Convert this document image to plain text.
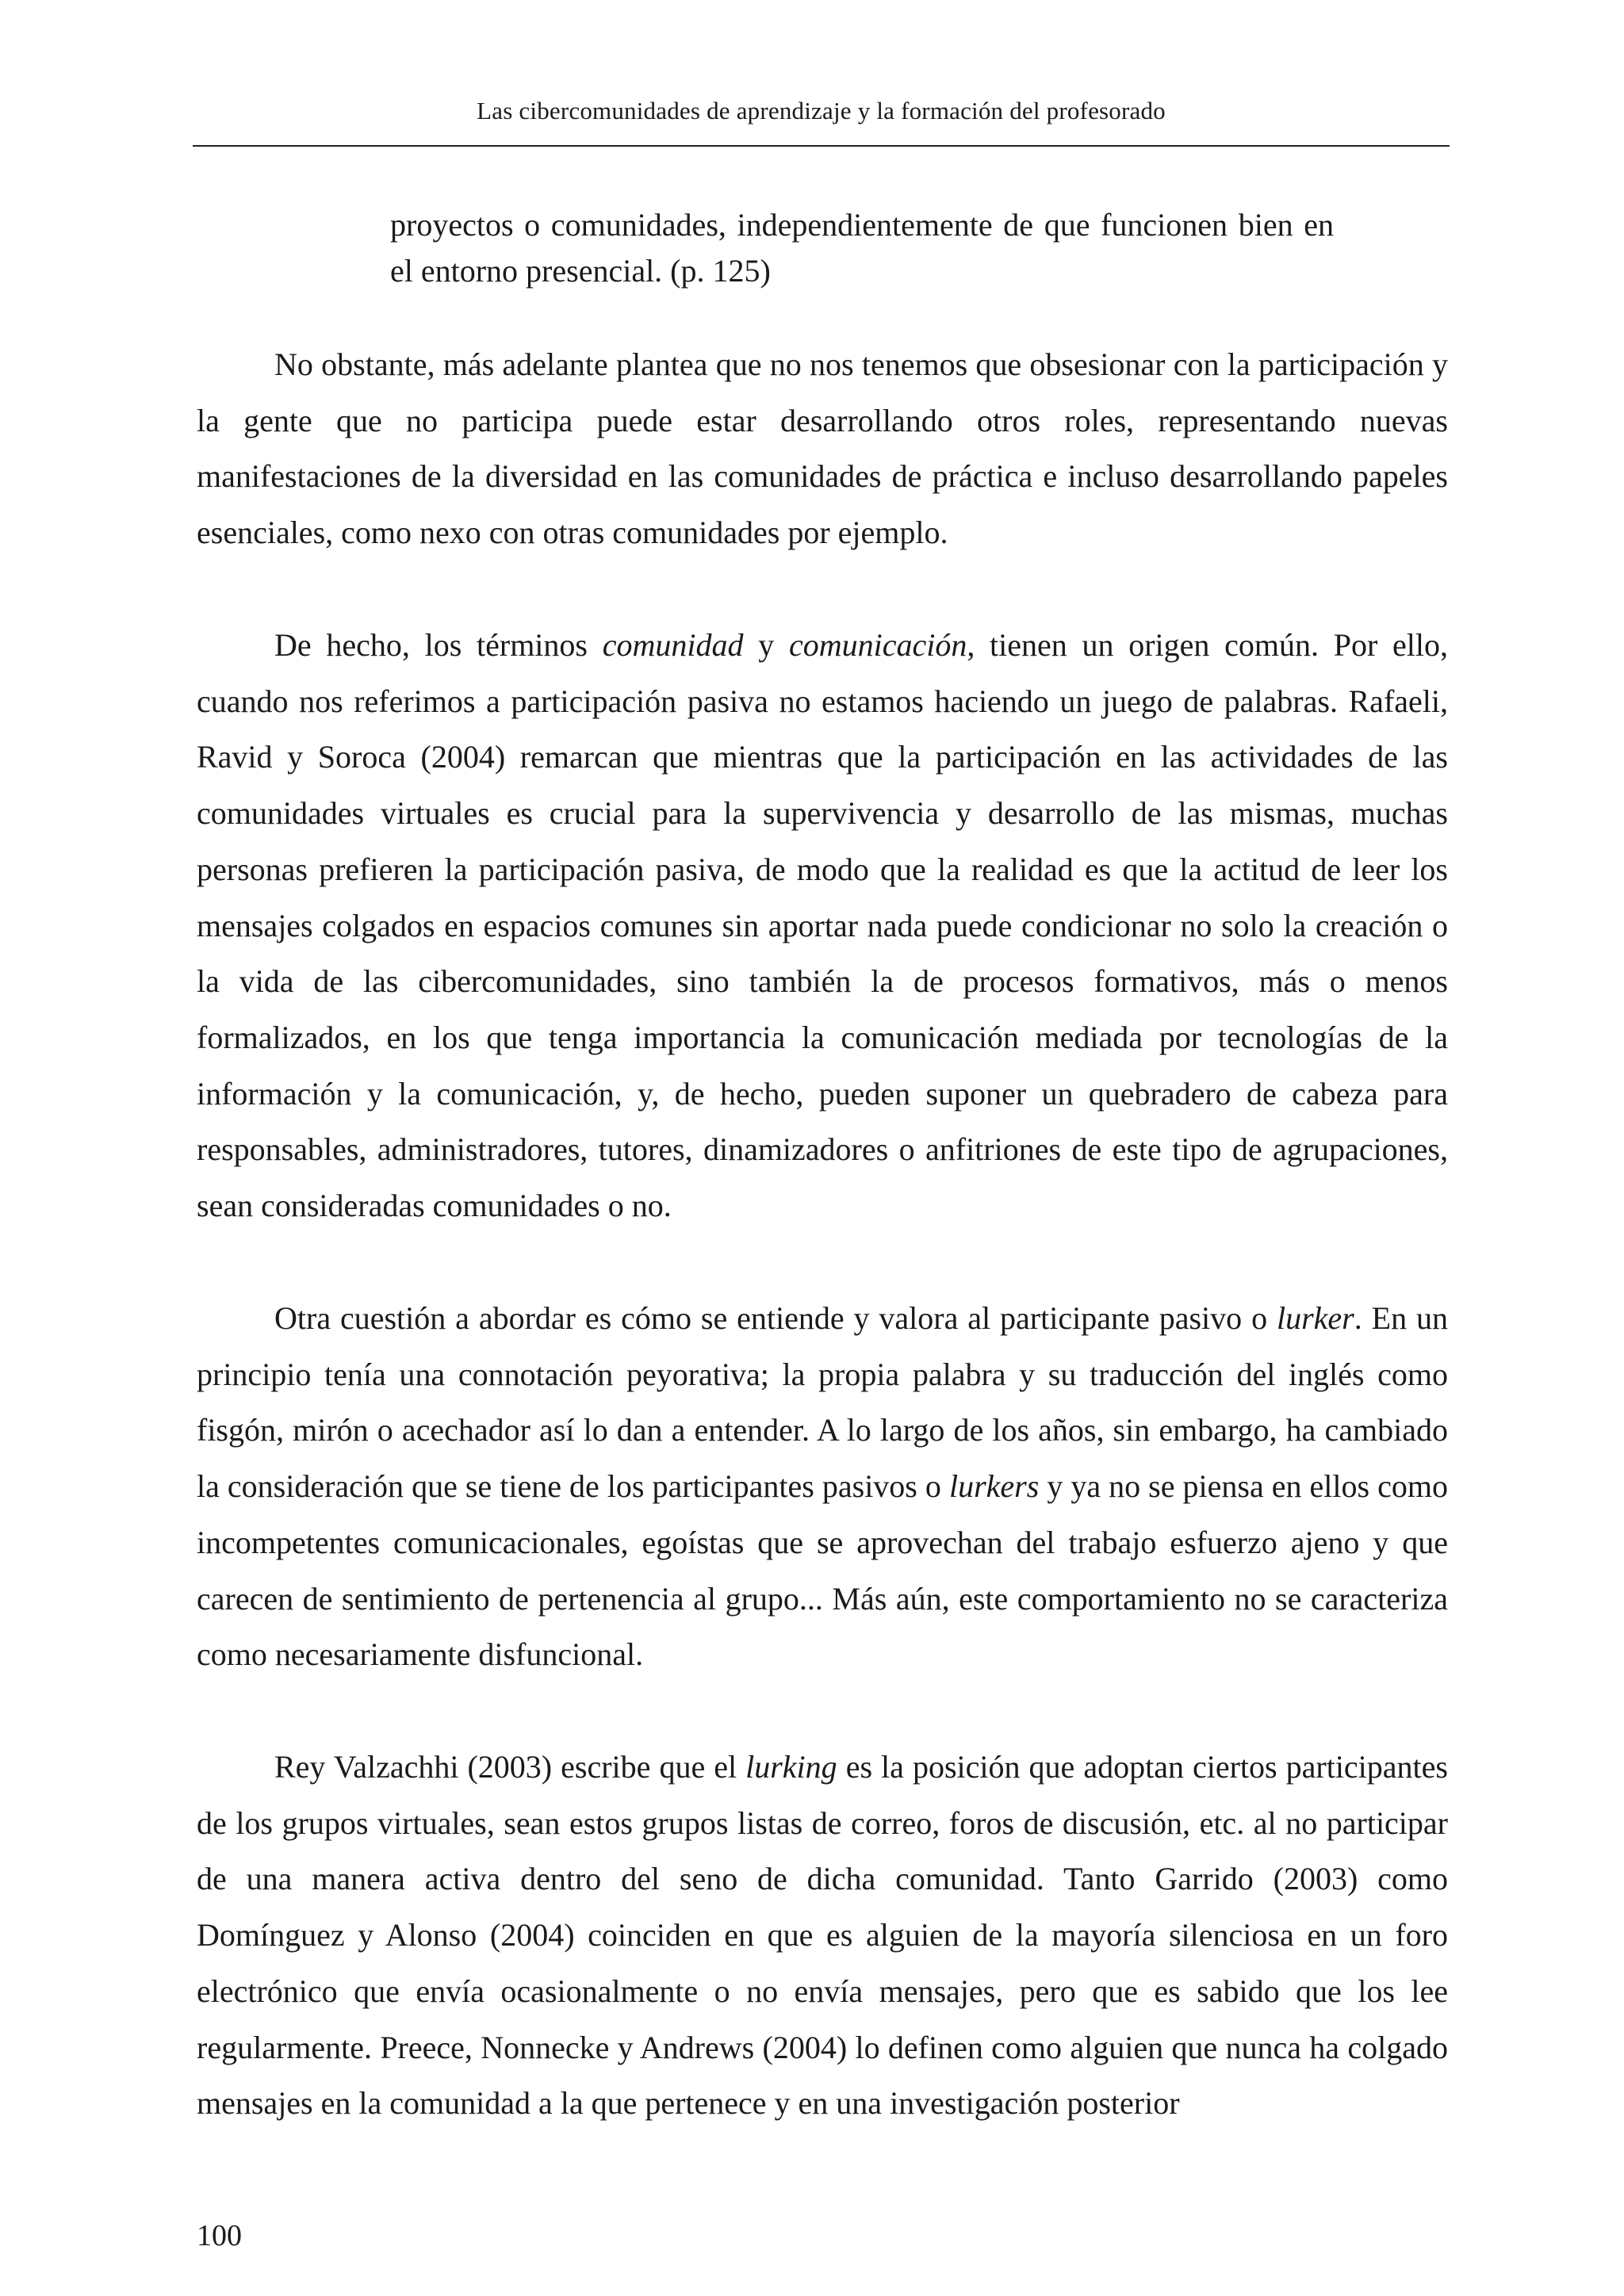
Las cibercomunidades de aprendizaje y la formación del profesorado
proyectos o comunidades, independientemente de que funcionen bien en el entorno presencial. (p. 125)

No obstante, más adelante plantea que no nos tenemos que obsesionar con la participación y la gente que no participa puede estar desarrollando otros roles, representando nuevas manifestaciones de la diversidad en las comunidades de práctica e incluso desarrollando papeles esenciales, como nexo con otras comunidades por ejemplo.

De hecho, los términos comunidad y comunicación, tienen un origen común. Por ello, cuando nos referimos a participación pasiva no estamos haciendo un juego de palabras. Rafaeli, Ravid y Soroca (2004) remarcan que mientras que la participación en las actividades de las comunidades virtuales es crucial para la supervivencia y desarrollo de las mismas, muchas personas prefieren la participación pasiva, de modo que la realidad es que la actitud de leer los mensajes colgados en espacios comunes sin aportar nada puede condicionar no solo la creación o la vida de las cibercomunidades, sino también la de procesos formativos, más o menos formalizados, en los que tenga importancia la comunicación mediada por tecnologías de la información y la comunicación, y, de hecho, pueden suponer un quebradero de cabeza para responsables, administradores, tutores, dinamizadores o anfitriones de este tipo de agrupaciones, sean consideradas comunidades o no.

Otra cuestión a abordar es cómo se entiende y valora al participante pasivo o lurker. En un principio tenía una connotación peyorativa; la propia palabra y su traducción del inglés como fisgón, mirón o acechador así lo dan a entender. A lo largo de los años, sin embargo, ha cambiado la consideración que se tiene de los participantes pasivos o lurkers y ya no se piensa en ellos como incompetentes comunicacionales, egoístas que se aprovechan del trabajo esfuerzo ajeno y que carecen de sentimiento de pertenencia al grupo... Más aún, este comportamiento no se caracteriza como necesariamente disfuncional.

Rey Valzachhi (2003) escribe que el lurking es la posición que adoptan ciertos participantes de los grupos virtuales, sean estos grupos listas de correo, foros de discusión, etc. al no participar de una manera activa dentro del seno de dicha comunidad. Tanto Garrido (2003) como Domínguez y Alonso (2004) coinciden en que es alguien de la mayoría silenciosa en un foro electrónico que envía ocasionalmente o no envía mensajes, pero que es sabido que los lee regularmente. Preece, Nonnecke y Andrews (2004) lo definen como alguien que nunca ha colgado mensajes en la comunidad a la que pertenece y en una investigación posterior

100
